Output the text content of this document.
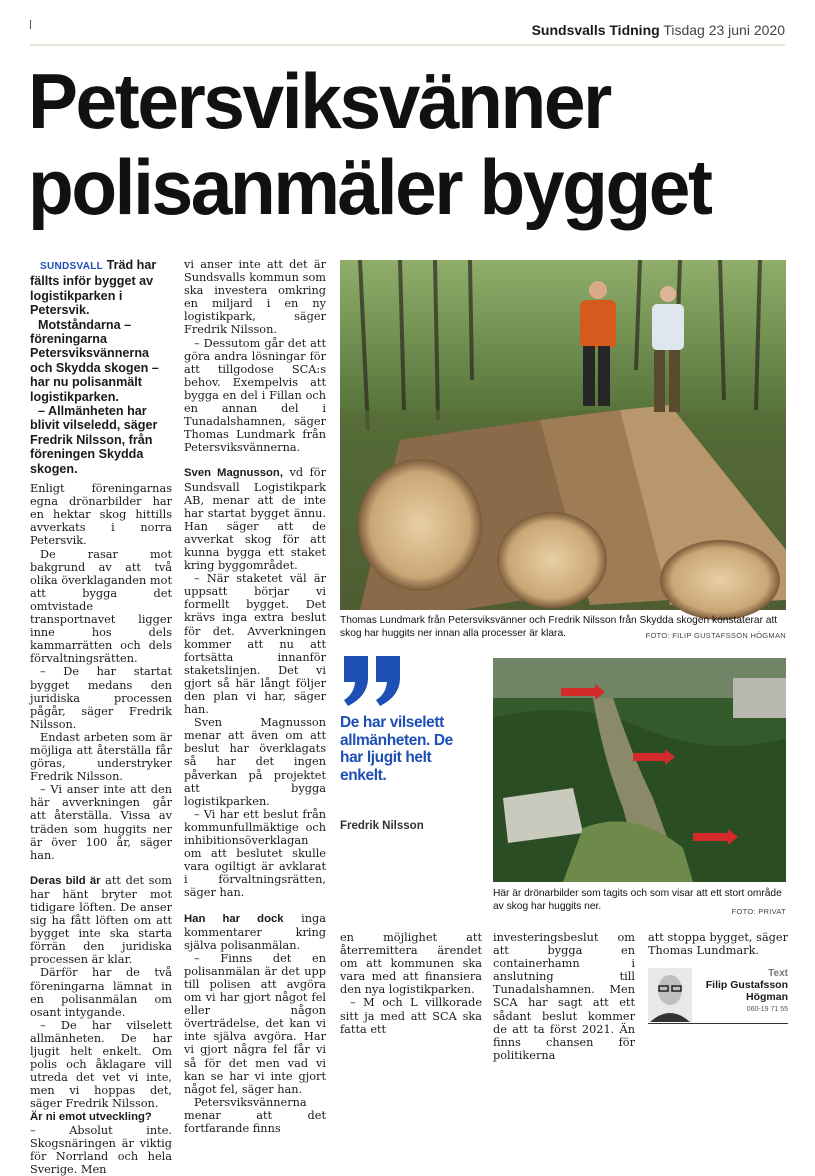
Sundsvalls Tidning Tisdag 23 juni 2020
Petersviksvänner
polisanmäler bygget

SUNDSVALL Träd har fällts inför bygget av logistikparken i Petersvik.

Motståndarna – föreningarna Petersviksvännerna och Skydda skogen – har nu polisanmält logistikparken.

– Allmänheten har blivit vilseledd, säger Fredrik Nilsson, från föreningen Skydda skogen.

Enligt föreningarnas egna drönarbilder har en hektar skog hittills avverkats i norra Petersvik.

De rasar mot bakgrund av att två olika överklaganden mot att bygga det omtvistade transportnavet ligger inne hos dels kammarrätten och dels förvaltningsrätten.

– De har startat bygget medans den juridiska processen pågår, säger Fredrik Nilsson.

Endast arbeten som är möjliga att återställa får göras, understryker Fredrik Nilsson.

– Vi anser inte att den här avverkningen går att återställa. Vissa av träden som huggits ner är över 100 år, säger han.

Deras bild är att det som har hänt bryter mot tidigare löften. De anser sig ha fått löften om att bygget inte ska starta förrän den juridiska processen är klar.

Därför har de två föreningarna lämnat in en polisanmälan om osant intygande.

– De har vilselett allmänheten. De har ljugit helt enkelt. Om polis och åklagare vill utreda det vet vi inte, men vi hoppas det, säger Fredrik Nilsson.

Är ni emot utveckling?

– Absolut inte. Skogsnäringen är viktig för Norrland och hela Sverige. Men

vi anser inte att det är Sundsvalls kommun som ska investera omkring en miljard i en ny logistikpark, säger Fredrik Nilsson.

– Dessutom går det att göra andra lösningar för att tillgodose SCA:s behov. Exempelvis att bygga en del i Fillan och en annan del i Tunadalshamnen, säger Thomas Lundmark från Petersviksvännerna.

Sven Magnusson, vd för Sundsvall Logistikpark AB, menar att de inte har startat bygget ännu. Han säger att de avverkat skog för att kunna bygga ett staket kring byggområdet.

– När staketet väl är uppsatt börjar vi formellt bygget. Det krävs inga extra beslut för det. Avverkningen kommer att nu att fortsätta innanför staketslinjen. Det vi gjort så här långt följer den plan vi har, säger han.

Sven Magnusson menar att även om att beslut har överklagats så har det ingen påverkan på projektet att bygga logistikparken.

– Vi har ett beslut från kommunfullmäktige och inhibitionsöverklagan om att beslutet skulle vara ogiltigt är avklarat i förvaltningsrätten, säger han.

Han har dock inga kommentarer kring själva polisanmälan.

– Finns det en polisanmälan är det upp till polisen att avgöra om vi har gjort något fel eller någon överträdelse, det kan vi inte själva avgöra. Har vi gjort några fel får vi så för det men vad vi kan se har vi inte gjort något fel, säger han.

Petersviksvännerna menar att det fortfarande finns

Thomas Lundmark från Petersviksvänner och Fredrik Nilsson från Skydda skogen konstaterar att skog har huggits ner innan alla processer är klara.	FOTO: FILIP GUSTAFSSON HÖGMAN
De har vilselett allmänheten. De har ljugit helt enkelt.
Fredrik Nilsson
Här är drönarbilder som tagits och som visar att ett stort område av skog har huggits ner.	FOTO: PRIVAT

en möjlighet att återremittera ärendet om att kommunen ska vara med att finansiera den nya logistikparken.

– M och L villkorade sitt ja med att SCA ska fatta ett

investeringsbeslut om att bygga en containerhamn i anslutning till Tunadalshamnen. Men SCA har sagt att ett sådant beslut kommer de att ta först 2021. Än finns chansen för politikerna

att stoppa bygget, säger Thomas Lundmark.

Text
Filip Gustafsson Högman
060-19 71 55
